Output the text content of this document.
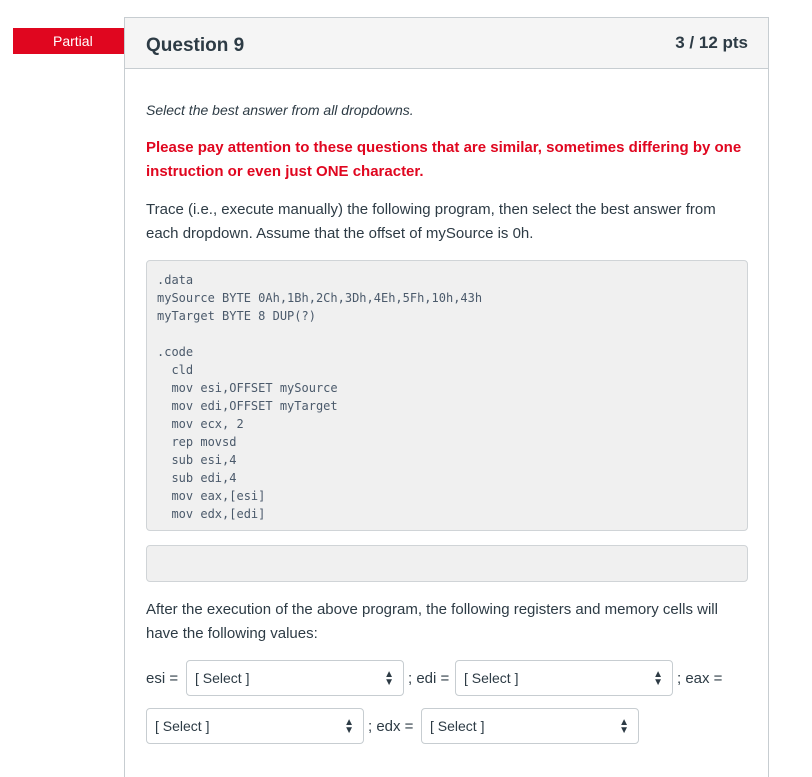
Partial	Question 9	3 / 12 pts
Select the best answer from all dropdowns.
Please pay attention to these questions that are similar, sometimes differing by one instruction or even just ONE character.
Trace (i.e., execute manually) the following program, then select the best answer from each dropdown. Assume that the offset of mySource is 0h.
.data
mySource BYTE 0Ah,1Bh,2Ch,3Dh,4Eh,5Fh,10h,43h
myTarget BYTE 8 DUP(?)
.code
cld
mov esi,OFFSET mySource
mov edi,OFFSET myTarget
mov ecx, 2
rep movsd
sub esi,4
sub edi,4
mov eax,[esi]
mov edx,[edi]
After the execution of the above program, the following registers and memory cells will have the following values:
esi =	[ Select ]	▲
▼ ; edi =	[ Select ]	▲
▼ ; eax =
[ Select ]	▲
▼ ; edx =	[ Select ]	▲
▼
